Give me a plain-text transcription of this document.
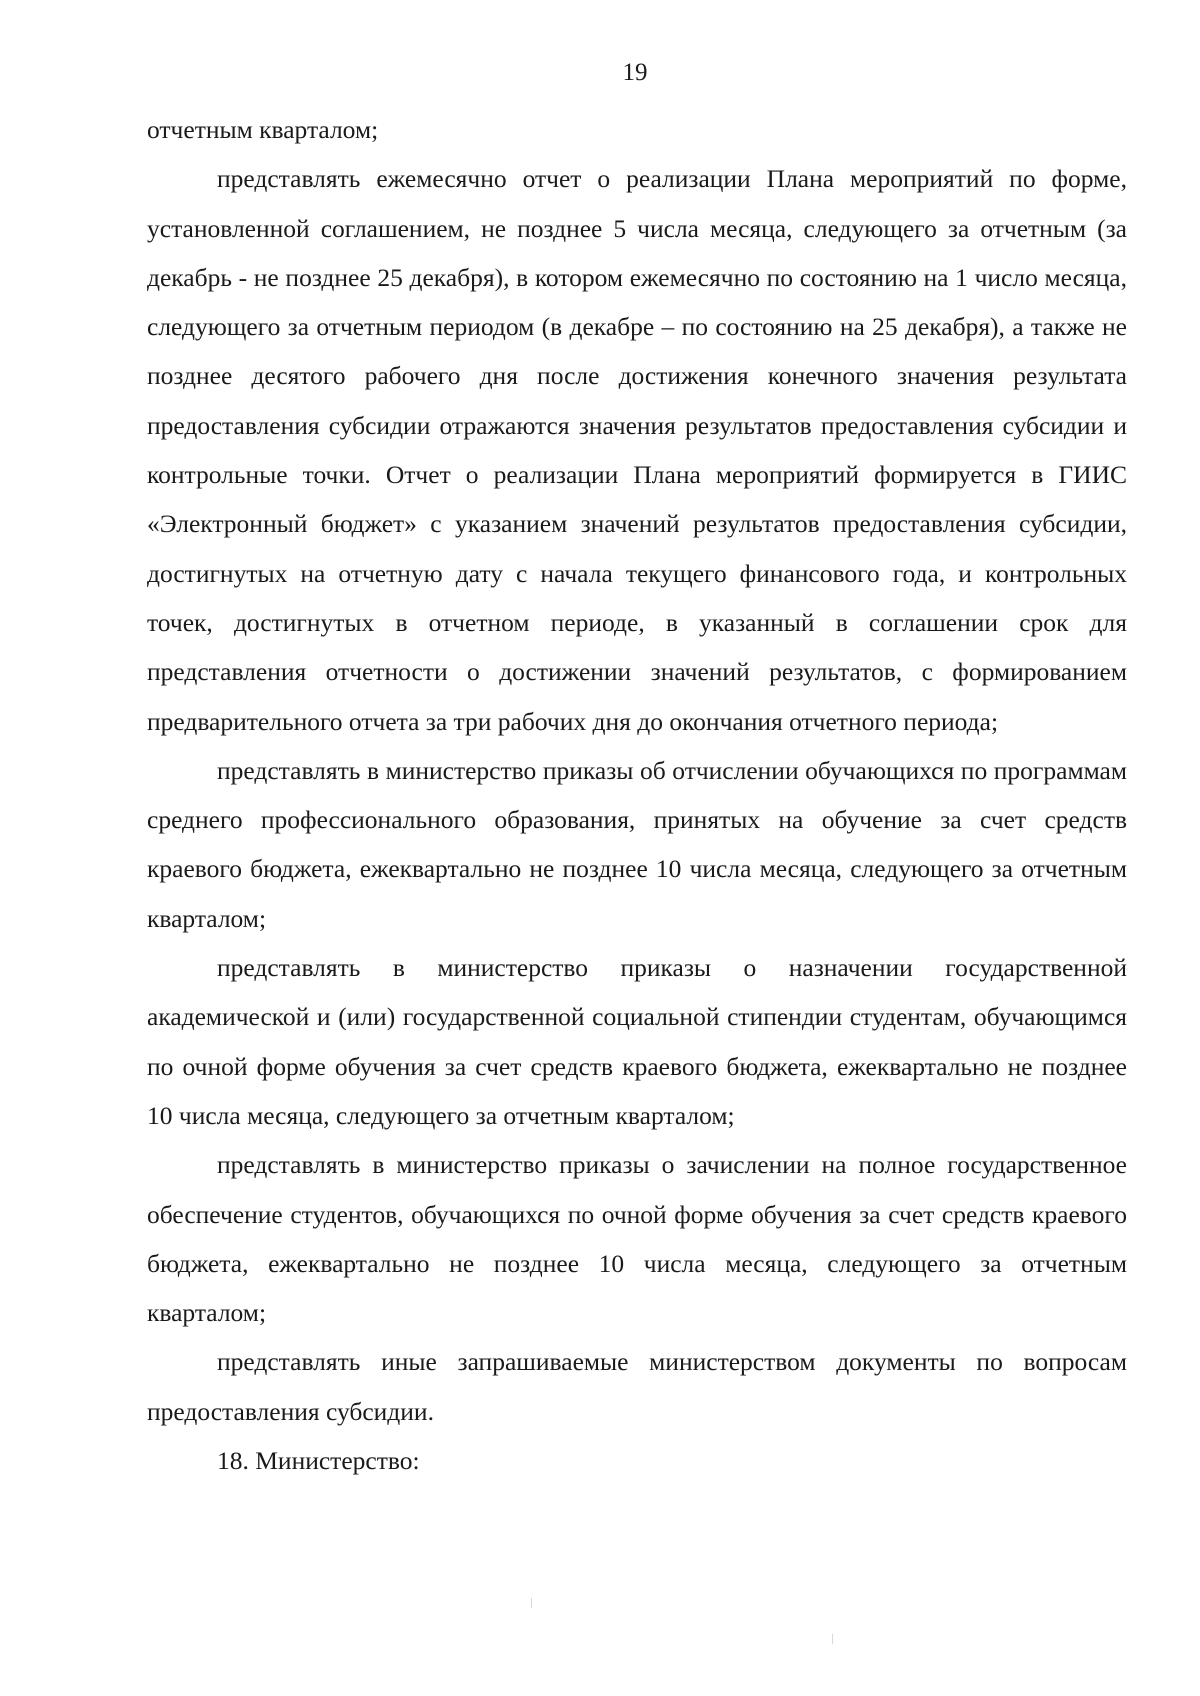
19

отчетным кварталом;

представлять ежемесячно отчет о реализации Плана мероприятий по форме, установленной соглашением, не позднее 5 числа месяца, следующего за отчетным (за декабрь - не позднее 25 декабря), в котором ежемесячно по состоянию на 1 число месяца, следующего за отчетным периодом (в декабре – по состоянию на 25 декабря), а также не позднее десятого рабочего дня после достижения конечного значения результата предоставления субсидии отражаются значения результатов предоставления субсидии и контрольные точки. Отчет о реализации Плана мероприятий формируется в ГИИС «Электронный бюджет» с указанием значений результатов предоставления субсидии, достигнутых на отчетную дату с начала текущего финансового года, и контрольных точек, достигнутых в отчетном периоде, в указанный в соглашении срок для представления отчетности о достижении значений результатов, с формированием предварительного отчета за три рабочих дня до окончания отчетного периода;

представлять в министерство приказы об отчислении обучающихся по программам среднего профессионального образования, принятых на обучение за счет средств краевого бюджета, ежеквартально не позднее 10 числа месяца, следующего за отчетным кварталом;

представлять в министерство приказы о назначении государственной академической и (или) государственной социальной стипендии студентам, обучающимся по очной форме обучения за счет средств краевого бюджета, ежеквартально не позднее 10 числа месяца, следующего за отчетным кварталом;

представлять в министерство приказы о зачислении на полное государственное обеспечение студентов, обучающихся по очной форме обучения за счет средств краевого бюджета, ежеквартально не позднее 10 числа месяца, следующего за отчетным кварталом;

представлять иные запрашиваемые министерством документы по вопросам предоставления субсидии.

18. Министерство:
